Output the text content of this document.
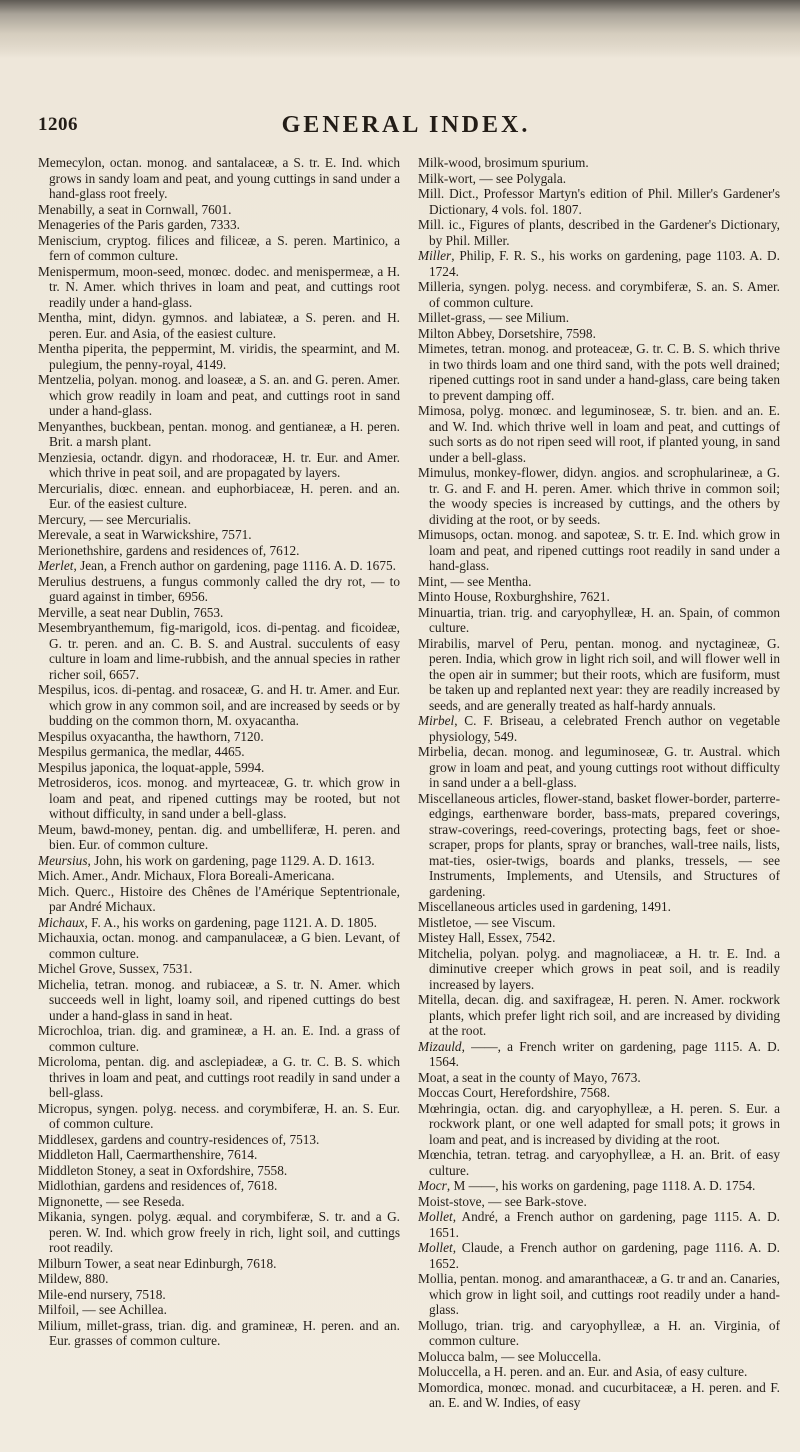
1206	GENERAL INDEX.
Memecylon, octan. monog. and santalaceæ, a S. tr. E. Ind. which grows in sandy loam and peat, and young cuttings in sand under a hand-glass root freely.
Menabilly, a seat in Cornwall, 7601.
Menageries of the Paris garden, 7333.
Meniscium, cryptog. filices and filiceæ, a S. peren. Martinico, a fern of common culture.
Menispermum, moon-seed, monœc. dodec. and menispermeæ, a H. tr. N. Amer. which thrives in loam and peat, and cuttings root readily under a hand-glass.
Mentha, mint, didyn. gymnos. and labiateæ, a S. peren. and H. peren. Eur. and Asia, of the easiest culture.
Mentha piperita, the peppermint, M. viridis, the spearmint, and M. pulegium, the penny-royal, 4149.
Mentzelia, polyan. monog. and loaseæ, a S. an. and G. peren. Amer. which grow readily in loam and peat, and cuttings root in sand under a hand-glass.
Menyanthes, buckbean, pentan. monog. and gentianeæ, a H. peren. Brit. a marsh plant.
Menziesia, octandr. digyn. and rhodoraceæ, H. tr. Eur. and Amer. which thrive in peat soil, and are propagated by layers.
Mercurialis, diœc. ennean. and euphorbiaceæ, H. peren. and an. Eur. of the easiest culture.
Mercury, — see Mercurialis.
Merevale, a seat in Warwickshire, 7571.
Merionethshire, gardens and residences of, 7612.
Merlet, Jean, a French author on gardening, page 1116. A. D. 1675.
Merulius destruens, a fungus commonly called the dry rot, — to guard against in timber, 6956.
Merville, a seat near Dublin, 7653.
Mesembryanthemum, fig-marigold, icos. di-pentag. and ficoideæ, G. tr. peren. and an. C. B. S. and Austral. succulents of easy culture in loam and lime-rubbish, and the annual species in rather richer soil, 6657.
Mespilus, icos. di-pentag. and rosaceæ, G. and H. tr. Amer. and Eur. which grow in any common soil, and are increased by seeds or by budding on the common thorn, M. oxyacantha.
Mespilus oxyacantha, the hawthorn, 7120.
Mespilus germanica, the medlar, 4465.
Mespilus japonica, the loquat-apple, 5994.
Metrosideros, icos. monog. and myrteaceæ, G. tr. which grow in loam and peat, and ripened cuttings may be rooted, but not without difficulty, in sand under a bell-glass.
Meum, bawd-money, pentan. dig. and umbelliferæ, H. peren. and bien. Eur. of common culture.
Meursius, John, his work on gardening, page 1129. A. D. 1613.
Mich. Amer., Andr. Michaux, Flora Boreali-Americana.
Mich. Querc., Histoire des Chênes de l'Amérique Septentrionale, par André Michaux.
Michaux, F. A., his works on gardening, page 1121. A. D. 1805.
Michauxia, octan. monog. and campanulaceæ, a G bien. Levant, of common culture.
Michel Grove, Sussex, 7531.
Michelia, tetran. monog. and rubiaceæ, a S. tr. N. Amer. which succeeds well in light, loamy soil, and ripened cuttings do best under a hand-glass in sand in heat.
Microchloa, trian. dig. and gramineæ, a H. an. E. Ind. a grass of common culture.
Microloma, pentan. dig. and asclepiadeæ, a G. tr. C. B. S. which thrives in loam and peat, and cuttings root readily in sand under a bell-glass.
Micropus, syngen. polyg. necess. and corymbiferæ, H. an. S. Eur. of common culture.
Middlesex, gardens and country-residences of, 7513.
Middleton Hall, Caermarthenshire, 7614.
Middleton Stoney, a seat in Oxfordshire, 7558.
Midlothian, gardens and residences of, 7618.
Mignonette, — see Reseda.
Mikania, syngen. polyg. æqual. and corymbiferæ, S. tr. and a G. peren. W. Ind. which grow freely in rich, light soil, and cuttings root readily.
Milburn Tower, a seat near Edinburgh, 7618.
Mildew, 880.
Mile-end nursery, 7518.
Milfoil, — see Achillea.
Milium, millet-grass, trian. dig. and gramineæ, H. peren. and an. Eur. grasses of common culture.
Milk-wood, brosimum spurium.
Milk-wort, — see Polygala.
Mill. Dict., Professor Martyn's edition of Phil. Miller's Gardener's Dictionary, 4 vols. fol. 1807.
Mill. ic., Figures of plants, described in the Gardener's Dictionary, by Phil. Miller.
Miller, Philip, F. R. S., his works on gardening, page 1103. A. D. 1724.
Milleria, syngen. polyg. necess. and corymbiferæ, S. an. S. Amer. of common culture.
Millet-grass, — see Milium.
Milton Abbey, Dorsetshire, 7598.
Mimetes, tetran. monog. and proteaceæ, G. tr. C. B. S. which thrive in two thirds loam and one third sand, with the pots well drained; ripened cuttings root in sand under a hand-glass, care being taken to prevent damping off.
Mimosa, polyg. monœc. and leguminoseæ, S. tr. bien. and an. E. and W. Ind. which thrive well in loam and peat, and cuttings of such sorts as do not ripen seed will root, if planted young, in sand under a bell-glass.
Mimulus, monkey-flower, didyn. angios. and scrophularineæ, a G. tr. G. and F. and H. peren. Amer. which thrive in common soil; the woody species is increased by cuttings, and the others by dividing at the root, or by seeds.
Mimusops, octan. monog. and sapoteæ, S. tr. E. Ind. which grow in loam and peat, and ripened cuttings root readily in sand under a hand-glass.
Mint, — see Mentha.
Minto House, Roxburghshire, 7621.
Minuartia, trian. trig. and caryophylleæ, H. an. Spain, of common culture.
Mirabilis, marvel of Peru, pentan. monog. and nyctagineæ, G. peren. India, which grow in light rich soil, and will flower well in the open air in summer; but their roots, which are fusiform, must be taken up and replanted next year: they are readily increased by seeds, and are generally treated as half-hardy annuals.
Mirbel, C. F. Briseau, a celebrated French author on vegetable physiology, 549.
Mirbelia, decan. monog. and leguminoseæ, G. tr. Austral. which grow in loam and peat, and young cuttings root without difficulty in sand under a a bell-glass.
Miscellaneous articles, flower-stand, basket flower-border, parterre-edgings, earthenware border, bass-mats, prepared coverings, straw-coverings, reed-coverings, protecting bags, feet or shoe-scraper, props for plants, spray or branches, wall-tree nails, lists, mat-ties, osier-twigs, boards and planks, tressels, — see Instruments, Implements, and Utensils, and Structures of gardening.
Miscellaneous articles used in gardening, 1491.
Mistletoe, — see Viscum.
Mistey Hall, Essex, 7542.
Mitchelia, polyan. polyg. and magnoliaceæ, a H. tr. E. Ind. a diminutive creeper which grows in peat soil, and is readily increased by layers.
Mitella, decan. dig. and saxifrageæ, H. peren. N. Amer. rockwork plants, which prefer light rich soil, and are increased by dividing at the root.
Mizauld, ——, a French writer on gardening, page 1115. A. D. 1564.
Moat, a seat in the county of Mayo, 7673.
Moccas Court, Herefordshire, 7568.
Mœhringia, octan. dig. and caryophylleæ, a H. peren. S. Eur. a rockwork plant, or one well adapted for small pots; it grows in loam and peat, and is increased by dividing at the root.
Mœnchia, tetran. tetrag. and caryophylleæ, a H. an. Brit. of easy culture.
Mocr, M ——, his works on gardening, page 1118. A. D. 1754.
Moist-stove, — see Bark-stove.
Mollet, André, a French author on gardening, page 1115. A. D. 1651.
Mollet, Claude, a French author on gardening, page 1116. A. D. 1652.
Mollia, pentan. monog. and amaranthaceæ, a G. tr and an. Canaries, which grow in light soil, and cuttings root readily under a hand-glass.
Mollugo, trian. trig. and caryophylleæ, a H. an. Virginia, of common culture.
Molucca balm, — see Moluccella.
Moluccella, a H. peren. and an. Eur. and Asia, of easy culture.
Momordica, monœc. monad. and cucurbitaceæ, a H. peren. and F. an. E. and W. Indies, of easy
